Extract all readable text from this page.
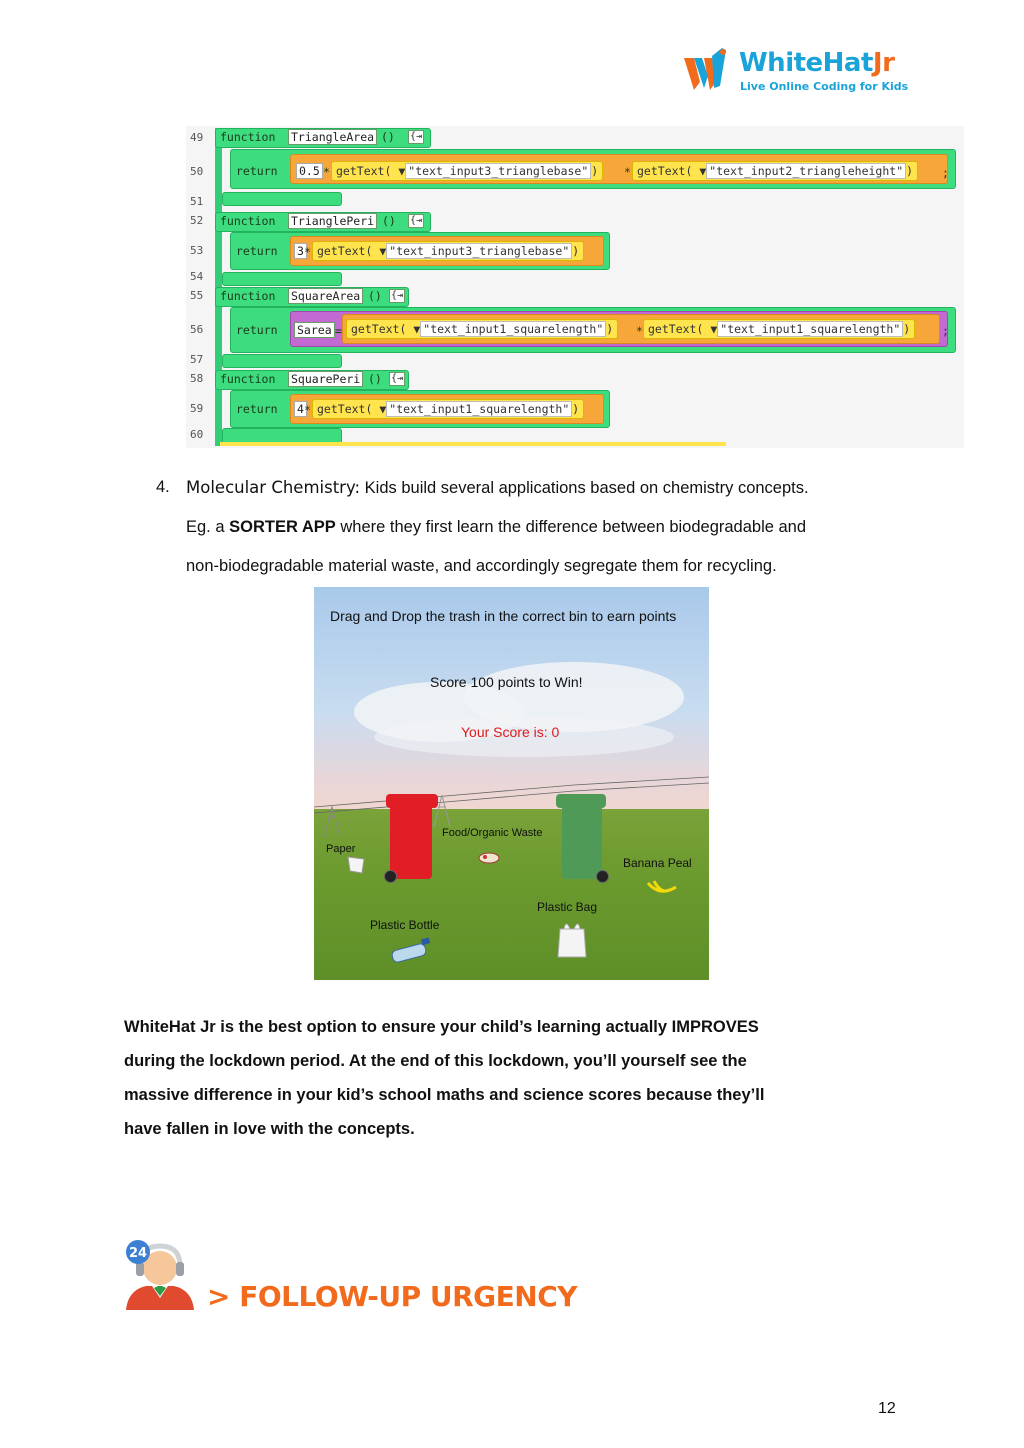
WhiteHatJr
Live Online Coding for Kids
49
50
51
52
53
54
55
56
57
58
59
60
function TriangleArea () {⇥
return 0.5 * getText( ▼ "text_input3_trianglebase" )	* getText( ▼ "text_input2_triangleheight" )	;
function TrianglePeri () {⇥
return 3 * getText( ▼ "text_input3_trianglebase" )
function SquareArea () {⇥
return Sarea = getText( ▼ "text_input1_squarelength" )	* getText( ▼ "text_input1_squarelength" )	;
function SquarePeri () {⇥
return 4 * getText( ▼ "text_input1_squarelength" )
4. Molecular Chemistry: Kids build several applications based on chemistry concepts.
Eg. a SORTER APP where they first learn the difference between biodegradable and
non-biodegradable material waste, and accordingly segregate them for recycling.
Drag and Drop the trash in the correct bin to earn points
Score 100 points to Win!
Your Score is: 0
Food/Organic Waste
Paper
Banana Peal
Plastic Bag
Plastic Bottle
WhiteHat Jr is the best option to ensure your child’s learning actually IMPROVES
during the lockdown period. At the end of this lockdown, you’ll yourself see the
massive difference in your kid’s school maths and science scores because they’ll
have fallen in love with the concepts.
24
> FOLLOW-UP URGENCY
12
